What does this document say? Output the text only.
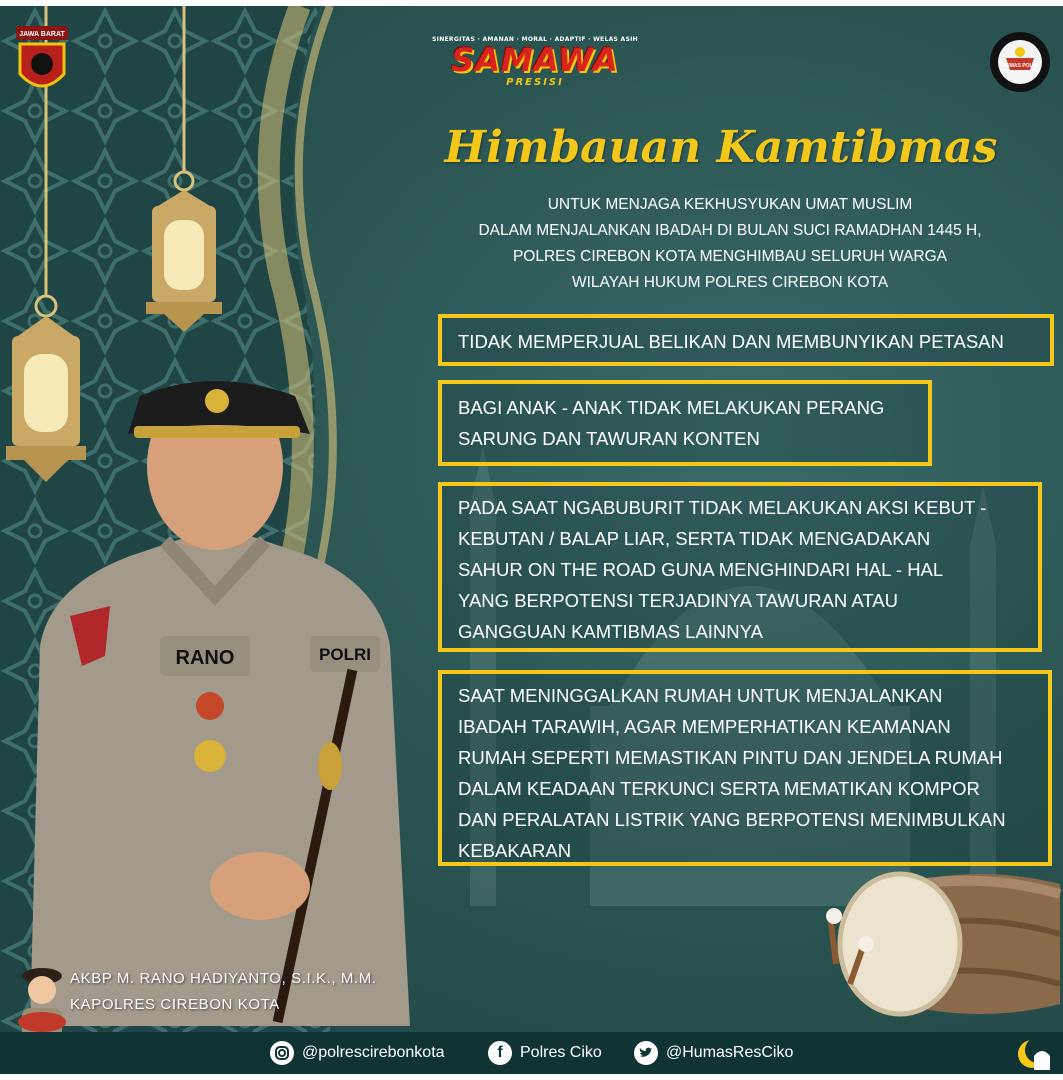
JAWA BARAT
HUMAS POLRI
SINERGITAS · AMANAN · MORAL · ADAPTIF · WELAS ASIH
SAMAWA
PRESISI
Himbauan Kamtibmas
UNTUK MENJAGA KEKHUSYUKAN UMAT MUSLIM
DALAM MENJALANKAN IBADAH DI BULAN SUCI RAMADHAN 1445 H,
POLRES CIREBON KOTA MENGHIMBAU SELURUH WARGA
WILAYAH HUKUM POLRES CIREBON KOTA
TIDAK MEMPERJUAL BELIKAN DAN MEMBUNYIKAN PETASAN
BAGI ANAK - ANAK TIDAK MELAKUKAN PERANG
SARUNG DAN TAWURAN KONTEN
PADA SAAT NGABUBURIT TIDAK MELAKUKAN AKSI KEBUT -
KEBUTAN / BALAP LIAR, SERTA TIDAK MENGADAKAN
SAHUR ON THE ROAD GUNA MENGHINDARI HAL - HAL
YANG BERPOTENSI TERJADINYA TAWURAN ATAU
GANGGUAN KAMTIBMAS LAINNYA
SAAT MENINGGALKAN RUMAH UNTUK MENJALANKAN
IBADAH TARAWIH, AGAR MEMPERHATIKAN KEAMANAN
RUMAH SEPERTI MEMASTIKAN PINTU DAN JENDELA RUMAH
DALAM KEADAAN TERKUNCI SERTA MEMATIKAN KOMPOR
DAN PERALATAN LISTRIK YANG BERPOTENSI MENIMBULKAN
KEBAKARAN
RANO	POLRI
AKBP M. RANO HADIYANTO, S.I.K., M.M.
KAPOLRES CIREBON KOTA
@polrescirebonkota	f Polres Ciko	@HumasResCiko
